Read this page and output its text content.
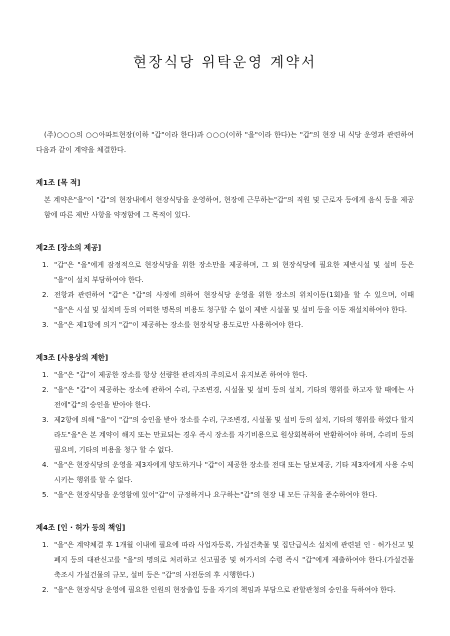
현장식당 위탁운영 계약서
(주)○○○의 ○○아파트현장(이하 "갑"이라 한다)과 ○○○(이하 "을"이라 한다)는 "갑"의 현장 내 식당 운영과 관련하여 다음과 같이 계약을 체결한다.
제1조 [목 적]
본 계약은"을"이 "갑"의 현장내에서 현장식당을 운영하여, 현장에 근무하는"갑"의 직원 및 근로자 등에게 음식 등을 제공함에 따른 제반 사항을 약정함에 그 목적이 있다.
제2조 [장소의 제공]
1. "갑"은 "을"에게 잠정적으로 현장식당을 위한 장소만을 제공하며, 그 외 현장식당에 필요한 제반시설 및 설비 등은 "을"이 설치 부담하여야 한다.
2. 전항과 관련하여 "갑"은 "갑"의 사정에 의하여 현장식당 운영을 위한 장소의 위치이동(1회)을 할 수 있으며, 이때 "을"은 시설 및 설치비 등의 어떠한 명목의 비용도 청구할 수 없이 제반 시설물 및 설비 등을 이동 재설치하여야 한다.
3. "을"은 제1항에 의거 "갑"이 제공하는 장소를 현장식당 용도로만 사용하여야 한다.
제3조 [사용상의 제한]
1. "을"은 "갑"이 제공한 장소를 항상 선량한 관리자의 주의로서 유지보존 하여야 한다.
2. "을"은 "갑"이 제공하는 장소에 관하여 수리, 구조변경, 시설물 및 설비 등의 설치, 기타의 행위를 하고자 할 때에는 사전에"갑"의 승인을 받아야 한다.
3. 제2항에 의해 "을"이 "갑"의 승인을 받아 장소를 수리, 구조변경, 시설물 및 설비 등의 설치, 기타의 행위를 하였다 할지라도"을"은 본 계약이 해지 또는 만료되는 경우 즉시 장소를 자기비용으로 원상회복하여 반환하여야 하며, 수리비 등의 필요비, 기타의 비용을 청구 할 수 없다.
4. "을"은 현장식당의 운영을 제3자에게 양도하거나 "갑"이 제공한 장소를 전대 또는 담보제공, 기타 제3자에게 사용 수익시키는 행위를 할 수 없다.
5. "을"은 현장식당을 운영함에 있어"갑"이 규정하거나 요구하는"갑"의 현장 내 모든 규칙을 준수하여야 한다.
제4조 [인 · 허가 등의 책임]
1. "을"은 계약체결 후 1개월 이내에 필요에 따라 사업자등록, 가설건축물 및 집단급식소 설치에 관련된 인 · 허가신고 및 폐지 등의 대관신고를 "을"의 명의로 처리하고 신고필증 및 허가서의 수령 즉시 "갑"에게 제출하여야 한다.(가설건물 축조시 가설건물의 규모, 설비 등은 "갑"의 사전동의 후 시행한다.)
2. "을"은 현장식당 운영에 필요한 인원의 현장출입 등을 자기의 책임과 부담으로 관할관청의 승인을 득하여야 한다.
